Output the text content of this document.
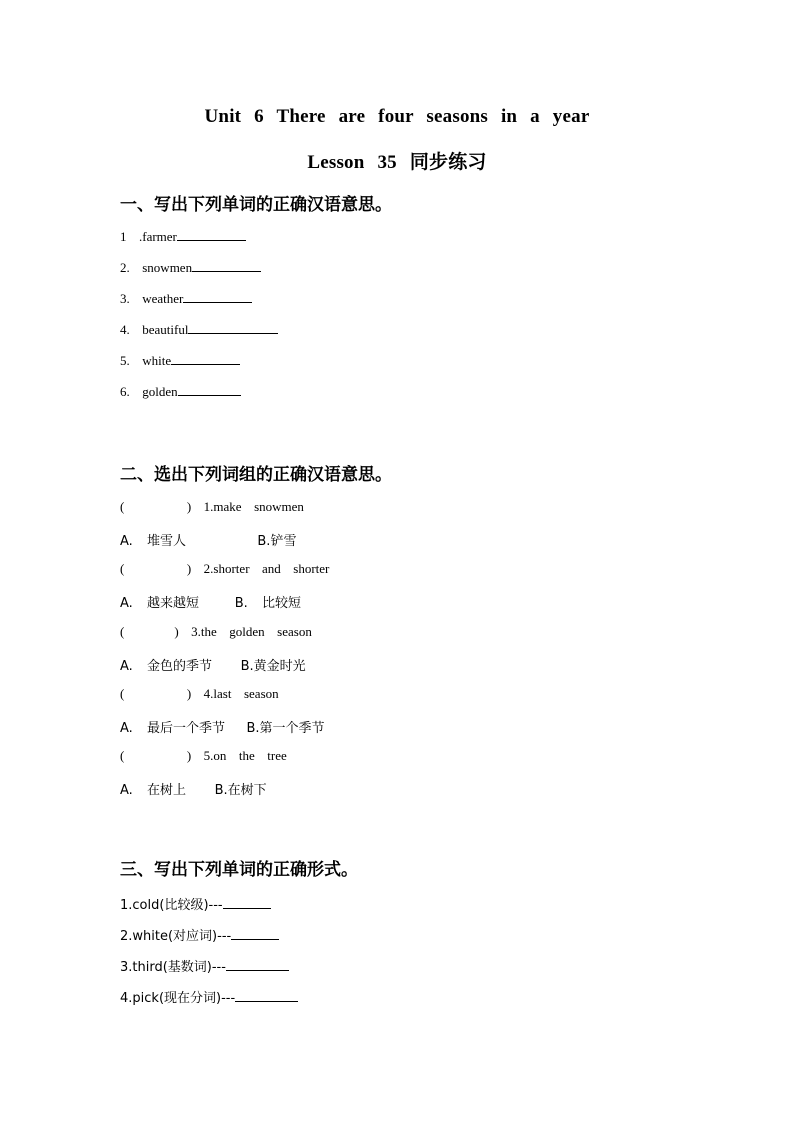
Unit 6 There are four seasons in a year
Lesson 35 同步练习
一、写出下列单词的正确汉语意思。
1  .farmer
2.  snowmen
3.  weather
4.  beautiful
5.  white
6.  golden
二、选出下列词组的正确汉语意思。
(          ) 1.make  snowmen
A.  堆雪人	B.铲雪
(          ) 2.shorter  and  shorter
A.  越来越短	B.  比较短
(        ) 3.the  golden  season
A.  金色的季节 B.黄金时光
(          ) 4.last  season
A.  最后一个季节 B.第一个季节
(          ) 5.on  the  tree
A.  在树上 B.在树下
三、写出下列单词的正确形式。
1.cold(比较级)---
2.white(对应词)---
3.third(基数词)---
4.pick(现在分词)---
